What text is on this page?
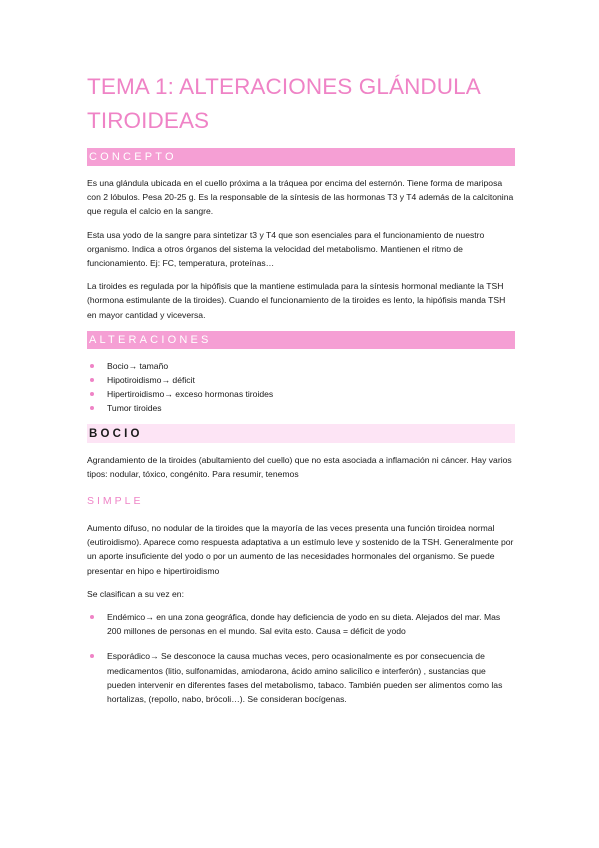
TEMA 1: ALTERACIONES GLÁNDULA TIROIDEAS
CONCEPTO

Es una glándula ubicada en el cuello próxima a la tráquea por encima del esternón. Tiene forma de mariposa con 2 lóbulos. Pesa 20-25 g. Es la responsable de la síntesis de las hormonas T3 y T4 además de la calcitonina que regula el calcio en la sangre.

Esta usa yodo de la sangre para sintetizar t3 y T4 que son esenciales para el funcionamiento de nuestro organismo. Indica a otros órganos del sistema la velocidad del metabolismo. Mantienen el ritmo de funcionamiento. Ej: FC, temperatura, proteínas…

La tiroides es regulada por la hipófisis que la mantiene estimulada para la síntesis hormonal mediante la TSH (hormona estimulante de la tiroides). Cuando el funcionamiento de la tiroides es lento, la hipófisis manda TSH en mayor cantidad y viceversa.

ALTERACIONES
Bocio→ tamaño
Hipotiroidismo→ déficit
Hipertiroidismo→ exceso hormonas tiroides
Tumor tiroides
BOCIO

Agrandamiento de la tiroides (abultamiento del cuello) que no esta asociada a inflamación ni cáncer. Hay varios tipos: nodular, tóxico, congénito. Para resumir, tenemos

SIMPLE

Aumento difuso, no nodular de la tiroides que la mayoría de las veces presenta una función tiroidea normal (eutiroidismo). Aparece como respuesta adaptativa a un estímulo leve y sostenido de la TSH. Generalmente por un aporte insuficiente del yodo o por un aumento de las necesidades hormonales del organismo. Se puede presentar en hipo e hipertiroidismo

Se clasifican a su vez en:

Endémico→ en una zona geográfica, donde hay deficiencia de yodo en su dieta. Alejados del mar. Mas 200 millones de personas en el mundo. Sal evita esto. Causa = déficit de yodo
Esporádico→ Se desconoce la causa muchas veces, pero ocasionalmente es por consecuencia de medicamentos (litio, sulfonamidas, amiodarona, ácido amino salicílico e interferón) , sustancias que pueden intervenir en diferentes fases del metabolismo, tabaco. También pueden ser alimentos como las hortalizas, (repollo, nabo, brócoli…). Se consideran bocígenas.
